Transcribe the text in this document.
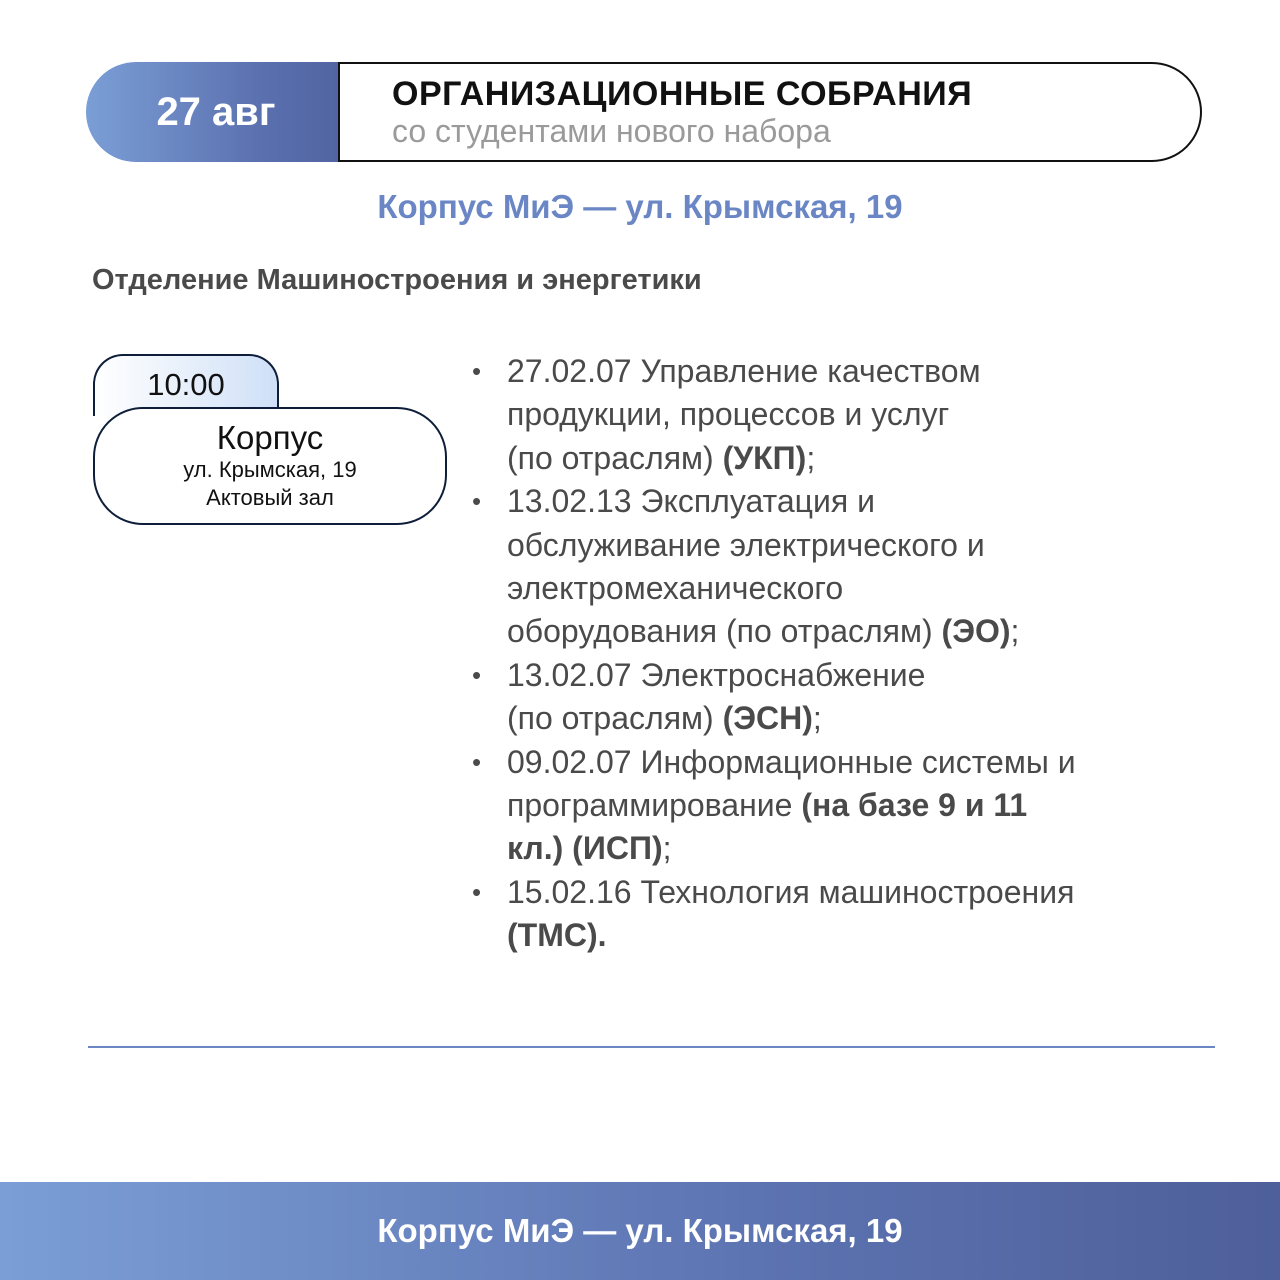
27 авг	ОРГАНИЗАЦИОННЫЕ СОБРАНИЯ
со студентами нового набора
Корпус МиЭ — ул. Крымская, 19
Отделение Машиностроения и энергетики
10:00
Корпус
ул. Крымская, 19
Актовый зал
• 27.02.07 Управление качеством
продукции, процессов и услуг
(по отраслям) (УКП);
• 13.02.13 Эксплуатация и
обслуживание электрического и
электромеханического
оборудования (по отраслям) (ЭО);
• 13.02.07 Электроснабжение
(по отраслям) (ЭСН);
• 09.02.07 Информационные системы и
программирование (на базе 9 и 11
кл.) (ИСП);
• 15.02.16 Технология машиностроения
(ТМС).
Корпус МиЭ — ул. Крымская, 19
